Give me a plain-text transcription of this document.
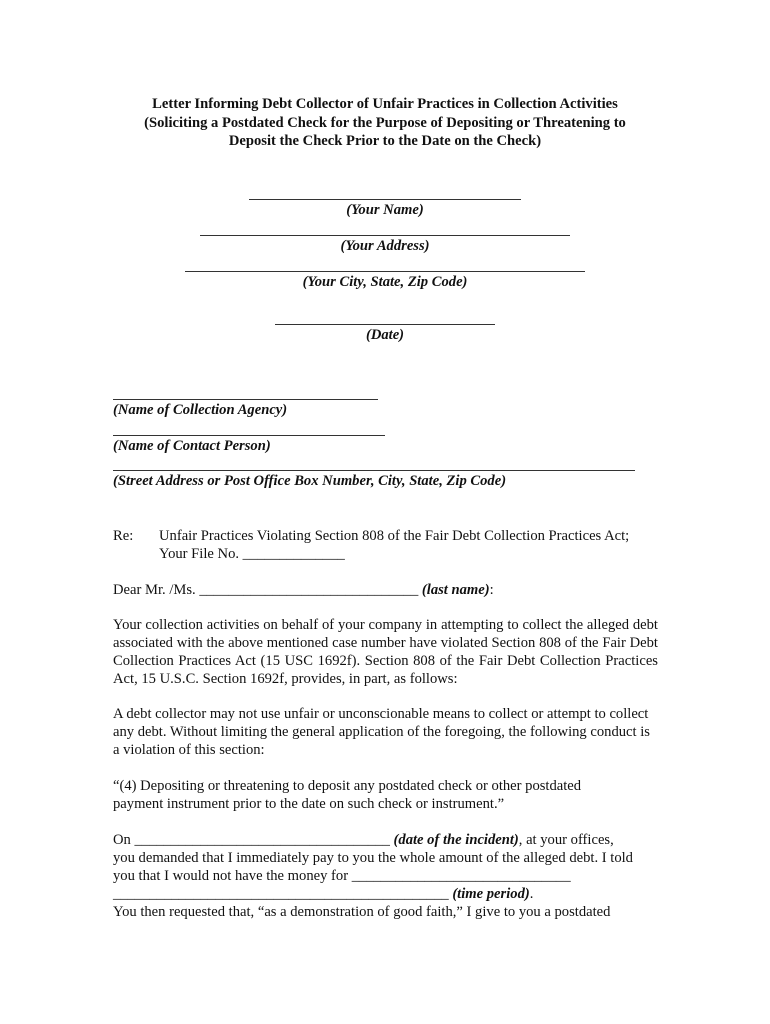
Letter Informing Debt Collector of Unfair Practices in Collection Activities
(Soliciting a Postdated Check for the Purpose of Depositing or Threatening to
Deposit the Check Prior to the Date on the Check)
(Your Name)
(Your Address)
(Your City, State, Zip Code)
(Date)
(Name of Collection Agency)
(Name of Contact Person)
(Street Address or Post Office Box Number, City, State, Zip Code)
Re: Unfair Practices Violating Section 808 of the Fair Debt Collection Practices Act;
Your File No. ______________
Dear Mr. /Ms. ______________________________ (last name):
Your collection activities on behalf of your company in attempting to collect the alleged debt associated with the above mentioned case number have violated Section 808 of the Fair Debt Collection Practices Act (15 USC 1692f). Section 808 of the Fair Debt Collection Practices Act, 15 U.S.C. Section 1692f, provides, in part, as follows:
A debt collector may not use unfair or unconscionable means to collect or attempt to collect any debt. Without limiting the general application of the foregoing, the following conduct is a violation of this section:
“(4) Depositing or threatening to deposit any postdated check or other postdated payment instrument prior to the date on such check or instrument.”
On ___________________________________ (date of the incident), at your offices,
you demanded that I immediately pay to you the whole amount of the alleged debt. I told
you that I would not have the money for ______________________________
______________________________________________ (time period).
You then requested that, “as a demonstration of good faith,” I give to you a postdated
